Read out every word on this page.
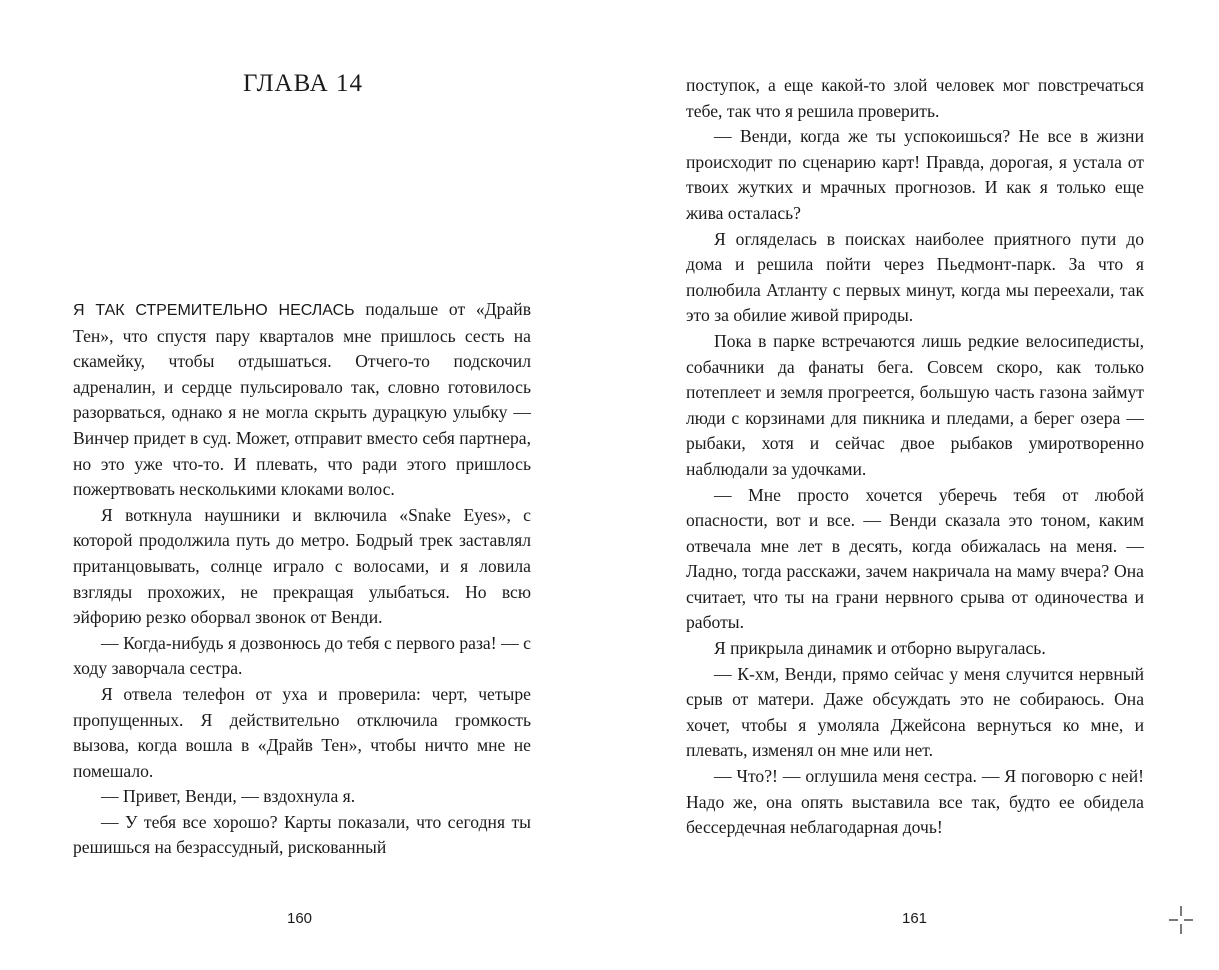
ГЛАВА 14

Я ТАК СТРЕМИТЕЛЬНО НЕСЛАСЬ подальше от «Драйв Тен», что спустя пару кварталов мне пришлось сесть на скамейку, чтобы отдышаться. Отчего-то подскочил адреналин, и сердце пульсировало так, словно готовилось разорваться, однако я не могла скрыть дурацкую улыбку — Винчер придет в суд. Может, отправит вместо себя партнера, но это уже что-то. И плевать, что ради этого пришлось пожертвовать несколькими клоками волос.

Я воткнула наушники и включила «Snake Eyes», с которой продолжила путь до метро. Бодрый трек заставлял пританцовывать, солнце играло с волосами, и я ловила взгляды прохожих, не прекращая улыбаться. Но всю эйфорию резко оборвал звонок от Венди.

— Когда-нибудь я дозвонюсь до тебя с первого раза! — с ходу заворчала сестра.

Я отвела телефон от уха и проверила: черт, четыре пропущенных. Я действительно отключила громкость вызова, когда вошла в «Драйв Тен», чтобы ничто мне не помешало.

— Привет, Венди, — вздохнула я.

— У тебя все хорошо? Карты показали, что сегодня ты решишься на безрассудный, рискованный

160

поступок, а еще какой-то злой человек мог повстречаться тебе, так что я решила проверить.

— Венди, когда же ты успокоишься? Не все в жизни происходит по сценарию карт! Правда, дорогая, я устала от твоих жутких и мрачных прогнозов. И как я только еще жива осталась?

Я огляделась в поисках наиболее приятного пути до дома и решила пойти через Пьедмонт-парк. За что я полюбила Атланту с первых минут, когда мы переехали, так это за обилие живой природы.

Пока в парке встречаются лишь редкие велосипедисты, собачники да фанаты бега. Совсем скоро, как только потеплеет и земля прогреется, большую часть газона займут люди с корзинами для пикника и пледами, а берег озера — рыбаки, хотя и сейчас двое рыбаков умиротворенно наблюдали за удочками.

— Мне просто хочется уберечь тебя от любой опасности, вот и все. — Венди сказала это тоном, каким отвечала мне лет в десять, когда обижалась на меня. — Ладно, тогда расскажи, зачем накричала на маму вчера? Она считает, что ты на грани нервного срыва от одиночества и работы.

Я прикрыла динамик и отборно выругалась.

— К-хм, Венди, прямо сейчас у меня случится нервный срыв от матери. Даже обсуждать это не собираюсь. Она хочет, чтобы я умоляла Джейсона вернуться ко мне, и плевать, изменял он мне или нет.

— Что?! — оглушила меня сестра. — Я поговорю с ней! Надо же, она опять выставила все так, будто ее обидела бессердечная неблагодарная дочь!

161
